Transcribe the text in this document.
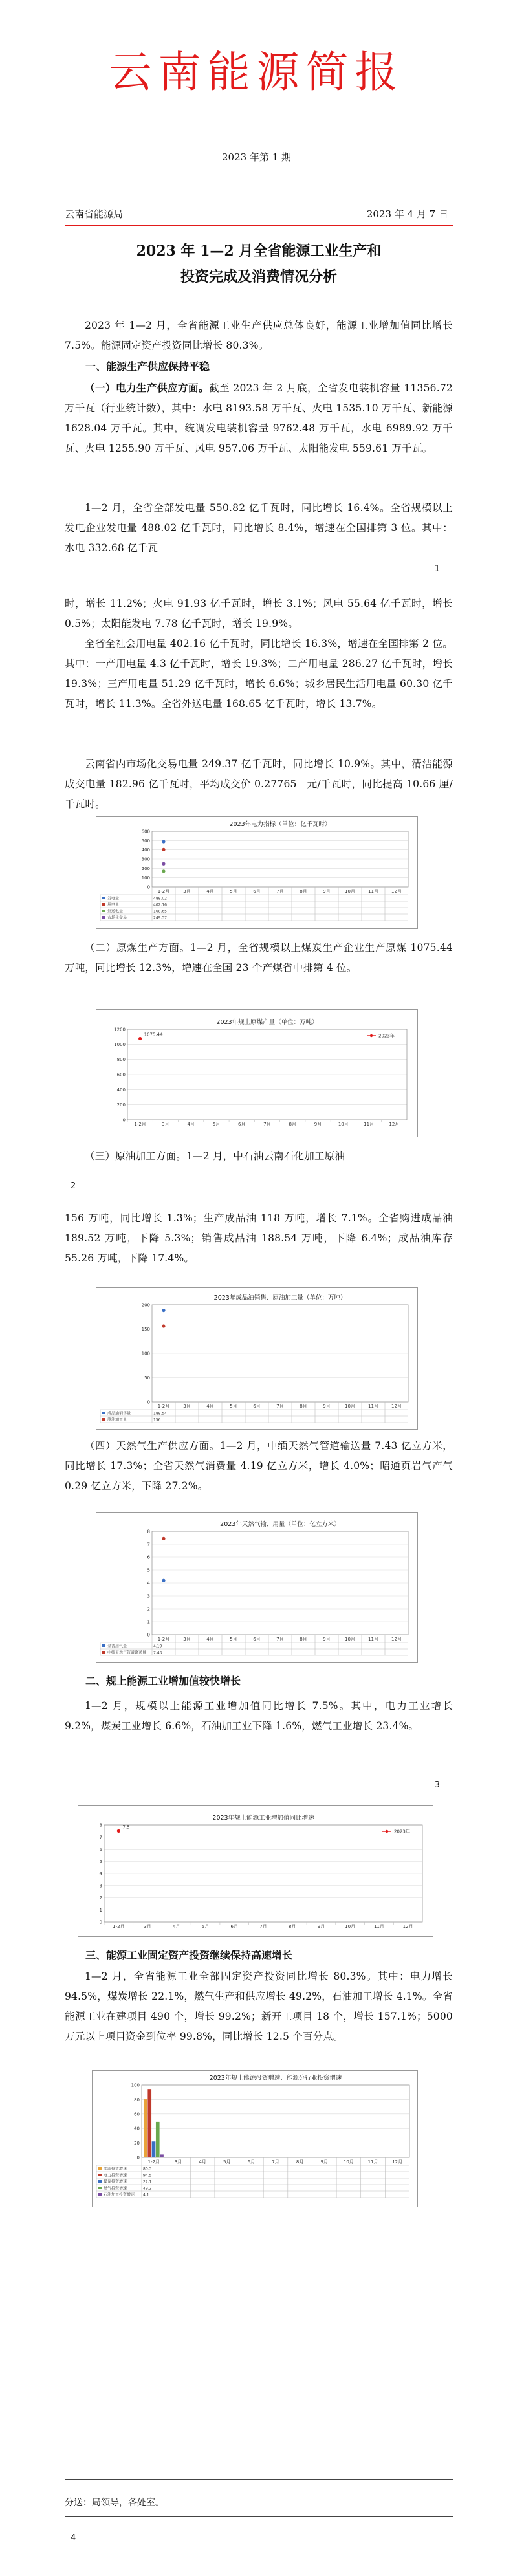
云南能源简报
2023 年第 1 期
云南省能源局	2023 年 4 月 7 日
2023 年 1—2 月全省能源工业生产和
投资完成及消费情况分析

2023 年 1—2 月，全省能源工业生产供应总体良好，能源工业增加值同比增长 7.5%。能源固定资产投资同比增长 80.3%。

一、能源生产供应保持平稳

（一）电力生产供应方面。截至 2023 年 2 月底，全省发电装机容量 11356.72 万千瓦（行业统计数），其中：水电 8193.58 万千瓦、火电 1535.10 万千瓦、新能源 1628.04 万千瓦。其中，统调发电装机容量 9762.48 万千瓦，水电 6989.92 万千瓦、火电 1255.90 万千瓦、风电 957.06 万千瓦、太阳能发电 559.61 万千瓦。

1—2 月，全省全部发电量 550.82 亿千瓦时，同比增长 16.4%。全省规模以上发电企业发电量 488.02 亿千瓦时，同比增长 8.4%，增速在全国排第 3 位。其中：水电 332.68 亿千瓦

—1—

时，增长 11.2%；火电 91.93 亿千瓦时，增长 3.1%；风电 55.64 亿千瓦时，增长 0.5%；太阳能发电 7.78 亿千瓦时，增长 19.9%。

全省全社会用电量 402.16 亿千瓦时，同比增长 16.3%，增速在全国排第 2 位。其中：一产用电量 4.3 亿千瓦时，增长 19.3%；二产用电量 286.27 亿千瓦时，增长 19.3%；三产用电量 51.29 亿千瓦时，增长 6.6%；城乡居民生活用电量 60.30 亿千瓦时，增长 11.3%。全省外送电量 168.65 亿千瓦时，增长 13.7%。

云南省内市场化交易电量 249.37 亿千瓦时，同比增长 10.9%。其中，清洁能源成交电量 182.96 亿千瓦时，平均成交价 0.27765　元/千瓦时，同比提高 10.66 厘/千瓦时。

2023年电力指标（单位：亿千瓦时）
0
100
200
300
400
500
600
1-2月	3月	4月	5月	6月	7月	8月	9月	10月	11月	12月
发电量	488.02
用电量	402.16
外送电量	168.65
市场化交易	249.37

（二）原煤生产方面。1—2 月，全省规模以上煤炭生产企业生产原煤 1075.44 万吨，同比增长 12.3%，增速在全国 23 个产煤省中排第 4 位。

2023年规上原煤产量（单位：万吨）
0
200
400
600
800
1000
1200
1-2月	3月	4月	5月	6月	7月	8月	9月	10月	11月	12月
1075.44	2023年

（三）原油加工方面。1—2 月，中石油云南石化加工原油

—2—

156 万吨，同比增长 1.3%；生产成品油 118 万吨，增长 7.1%。全省购进成品油 189.52 万吨，下降 5.3%；销售成品油 188.54 万吨，下降 6.4%；成品油库存 55.26 万吨，下降 17.4%。

2023年成品油销售、原油加工量（单位：万吨）
0
50
100
150
200
1-2月	3月	4月	5月	6月	7月	8月	9月	10月	11月	12月
成品油销售量	188.54
原油加工量	156

（四）天然气生产供应方面。1—2 月，中缅天然气管道输送量 7.43 亿立方米，同比增长 17.3%；全省天然气消费量 4.19 亿立方米，增长 4.0%；昭通页岩气产气 0.29 亿立方米，下降 27.2%。

2023年天然气输、用量（单位：亿立方米）
0
1
2
3
4
5
6
7
8
1-2月	3月	4月	5月	6月	7月	8月	9月	10月	11月	12月
全省用气量	4.19
中缅天然气管道输送量 7.43

二、规上能源工业增加值较快增长

1—2 月，规模以上能源工业增加值同比增长 7.5%。其中，电力工业增长 9.2%，煤炭工业增长 6.6%，石油加工业下降 1.6%，燃气工业增长 23.4%。

—3—
2023年规上能源工业增加值同比增速
0
1
2
3
4
5
6
7
8
1-2月	3月	4月	5月	6月	7月	8月	9月	10月	11月	12月
7.5
2023年

三、能源工业固定资产投资继续保持高速增长

1—2 月，全省能源工业全部固定资产投资同比增长 80.3%。其中：电力增长 94.5%，煤炭增长 22.1%，燃气生产和供应增长 49.2%，石油加工增长 4.1%。全省能源工业在建项目 490 个，增长 99.2%；新开工项目 18 个，增长 157.1%；5000 万元以上项目资金到位率 99.8%，同比增长 12.5 个百分点。

2023年规上能源投资增速、能源分行业投资增速
0
20
40
60
80
100
1-2月	3月	4月	5月	6月	7月	8月	9月	10月	11月	12月
能源投资增速	80.3
电力投资增速	94.5
煤炭投资增速	22.1
燃气投资增速	49.2
石油加工投资增速 4.1
分送：局领导，各处室。
—4—
